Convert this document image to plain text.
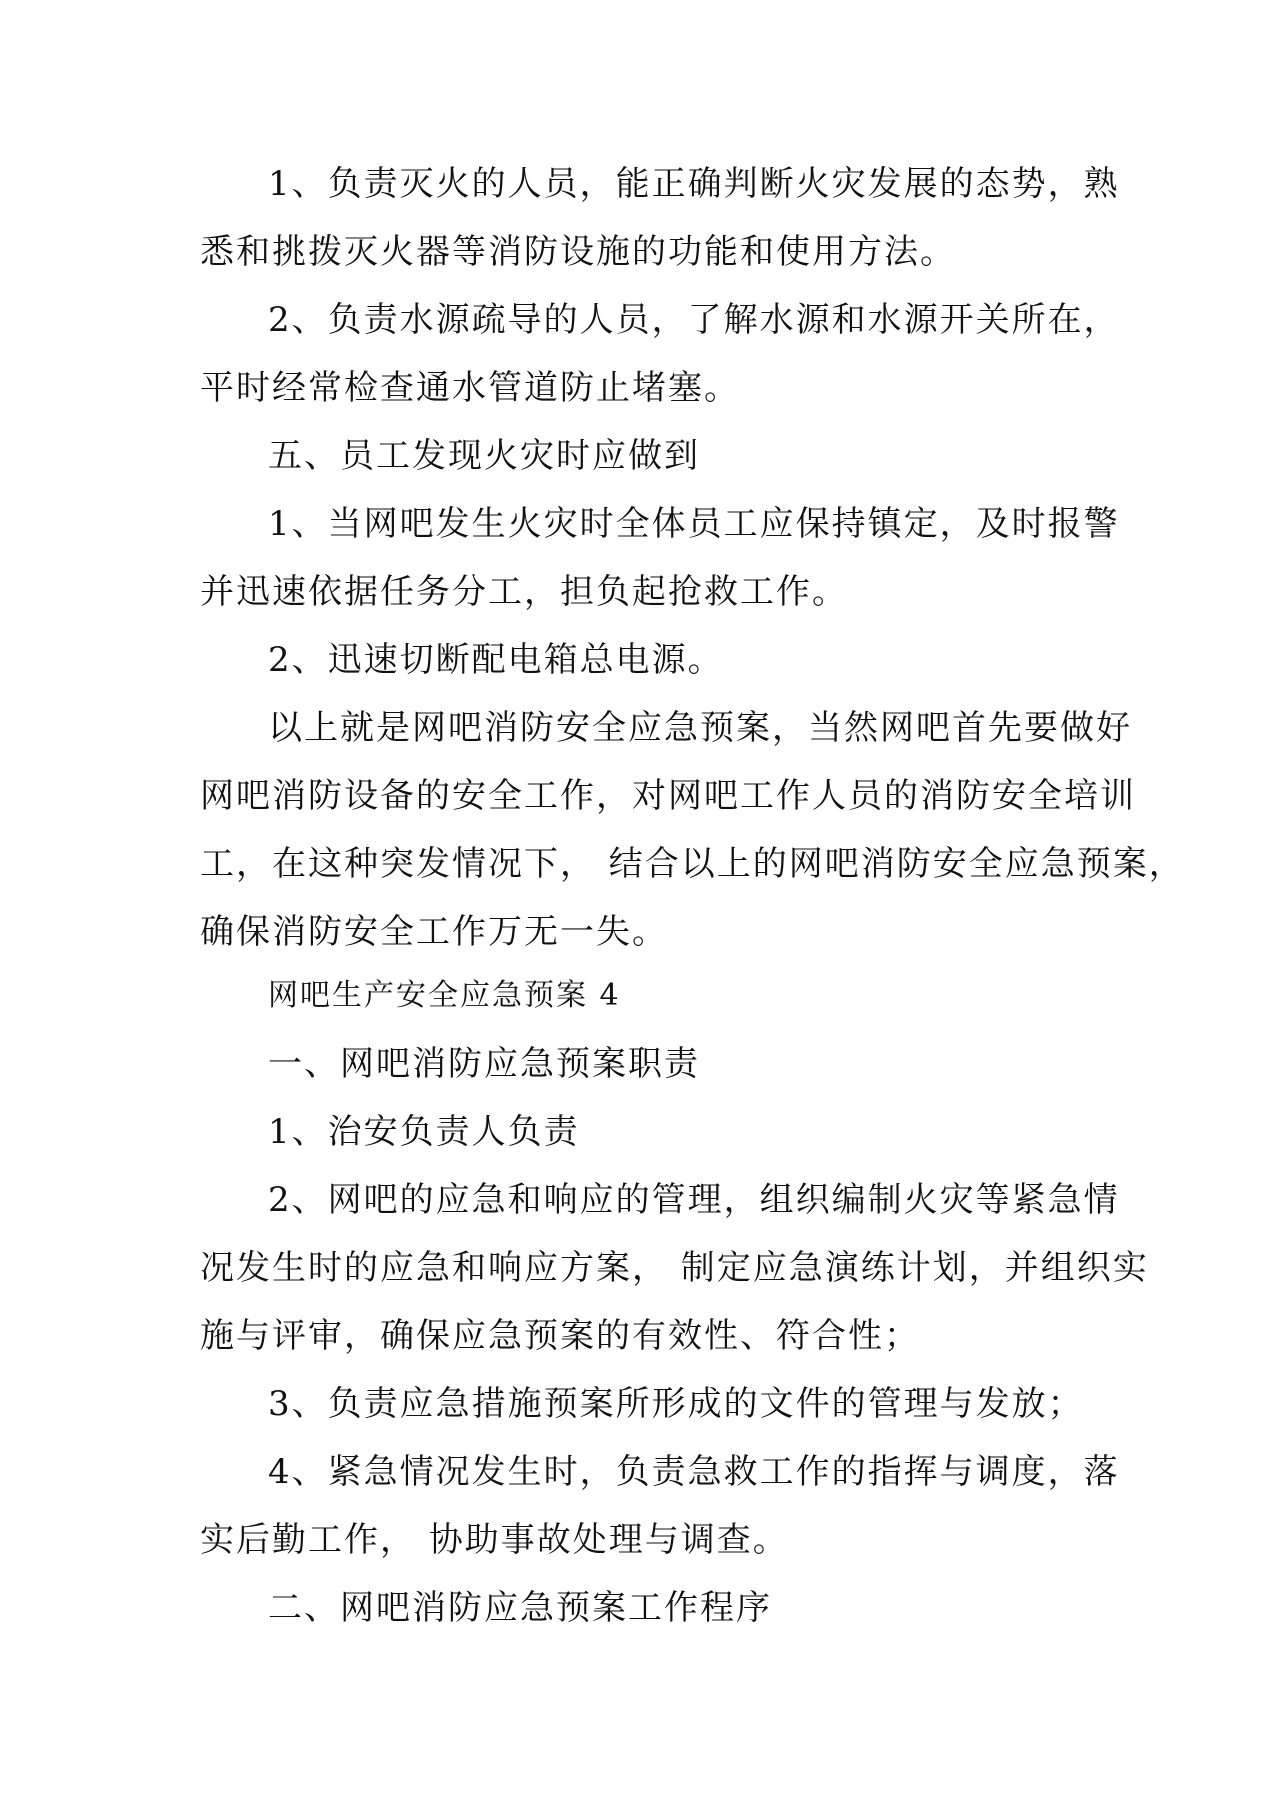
1、负责灭火的人员，能正确判断火灾发展的态势，熟
悉和挑拨灭火器等消防设施的功能和使用方法。
2、负责水源疏导的人员，了解水源和水源开关所在，
平时经常检查通水管道防止堵塞。
五、员工发现火灾时应做到
1、当网吧发生火灾时全体员工应保持镇定，及时报警
并迅速依据任务分工，担负起抢救工作。
2、迅速切断配电箱总电源。
以上就是网吧消防安全应急预案，当然网吧首先要做好
网吧消防设备的安全工作，对网吧工作人员的消防安全培训
工，在这种突发情况下， 结合以上的网吧消防安全应急预案，
确保消防安全工作万无一失。
网吧生产安全应急预案 4
一、网吧消防应急预案职责
1、治安负责人负责
2、网吧的应急和响应的管理，组织编制火灾等紧急情
况发生时的应急和响应方案， 制定应急演练计划，并组织实
施与评审，确保应急预案的有效性、符合性；
3、负责应急措施预案所形成的文件的管理与发放；
4、紧急情况发生时，负责急救工作的指挥与调度，落
实后勤工作， 协助事故处理与调查。
二、网吧消防应急预案工作程序
